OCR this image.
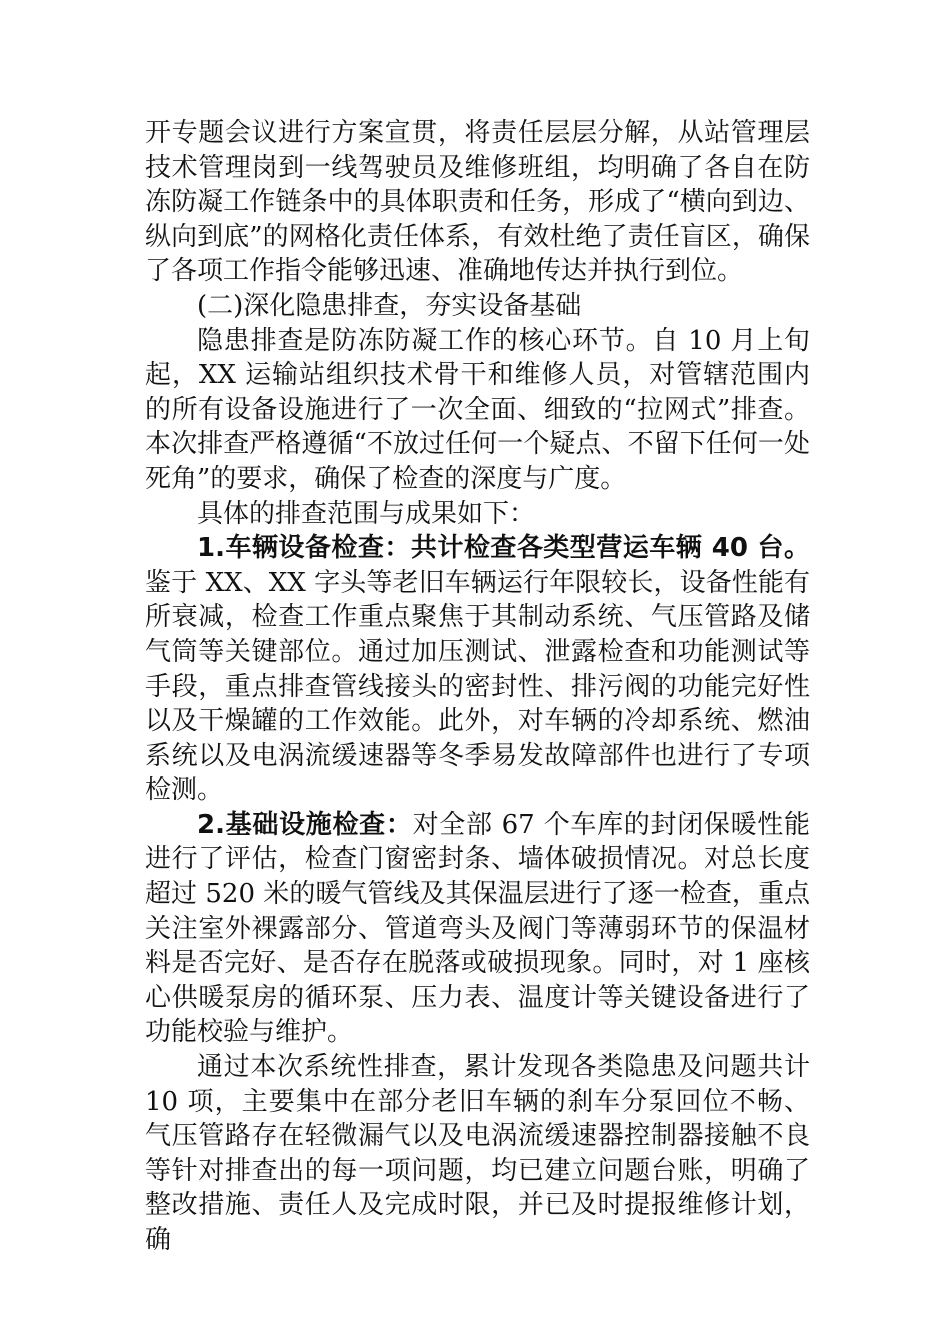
开专题会议进行方案宣贯，将责任层层分解，从站管理层技术管理岗到一线驾驶员及维修班组，均明确了各自在防冻防凝工作链条中的具体职责和任务，形成了“横向到边、纵向到底”的网格化责任体系，有效杜绝了责任盲区，确保了各项工作指令能够迅速、准确地传达并执行到位。

(二)深化隐患排查，夯实设备基础

隐患排查是防冻防凝工作的核心环节。自 10 月上旬起，XX 运输站组织技术骨干和维修人员，对管辖范围内的所有设备设施进行了一次全面、细致的“拉网式”排查。本次排查严格遵循“不放过任何一个疑点、不留下任何一处死角”的要求，确保了检查的深度与广度。

具体的排查范围与成果如下：

1.车辆设备检查：共计检查各类型营运车辆 40 台。鉴于 XX、XX 字头等老旧车辆运行年限较长，设备性能有所衰减，检查工作重点聚焦于其制动系统、气压管路及储气筒等关键部位。通过加压测试、泄露检查和功能测试等手段，重点排查管线接头的密封性、排污阀的功能完好性以及干燥罐的工作效能。此外，对车辆的冷却系统、燃油系统以及电涡流缓速器等冬季易发故障部件也进行了专项检测。

2.基础设施检查：对全部 67 个车库的封闭保暖性能进行了评估，检查门窗密封条、墙体破损情况。对总长度超过 520 米的暖气管线及其保温层进行了逐一检查，重点关注室外裸露部分、管道弯头及阀门等薄弱环节的保温材料是否完好、是否存在脱落或破损现象。同时，对 1 座核心供暖泵房的循环泵、压力表、温度计等关键设备进行了功能校验与维护。

通过本次系统性排查，累计发现各类隐患及问题共计 10 项，主要集中在部分老旧车辆的刹车分泵回位不畅、气压管路存在轻微漏气以及电涡流缓速器控制器接触不良等针对排查出的每一项问题，均已建立问题台账，明确了整改措施、责任人及完成时限，并已及时提报维修计划，确
